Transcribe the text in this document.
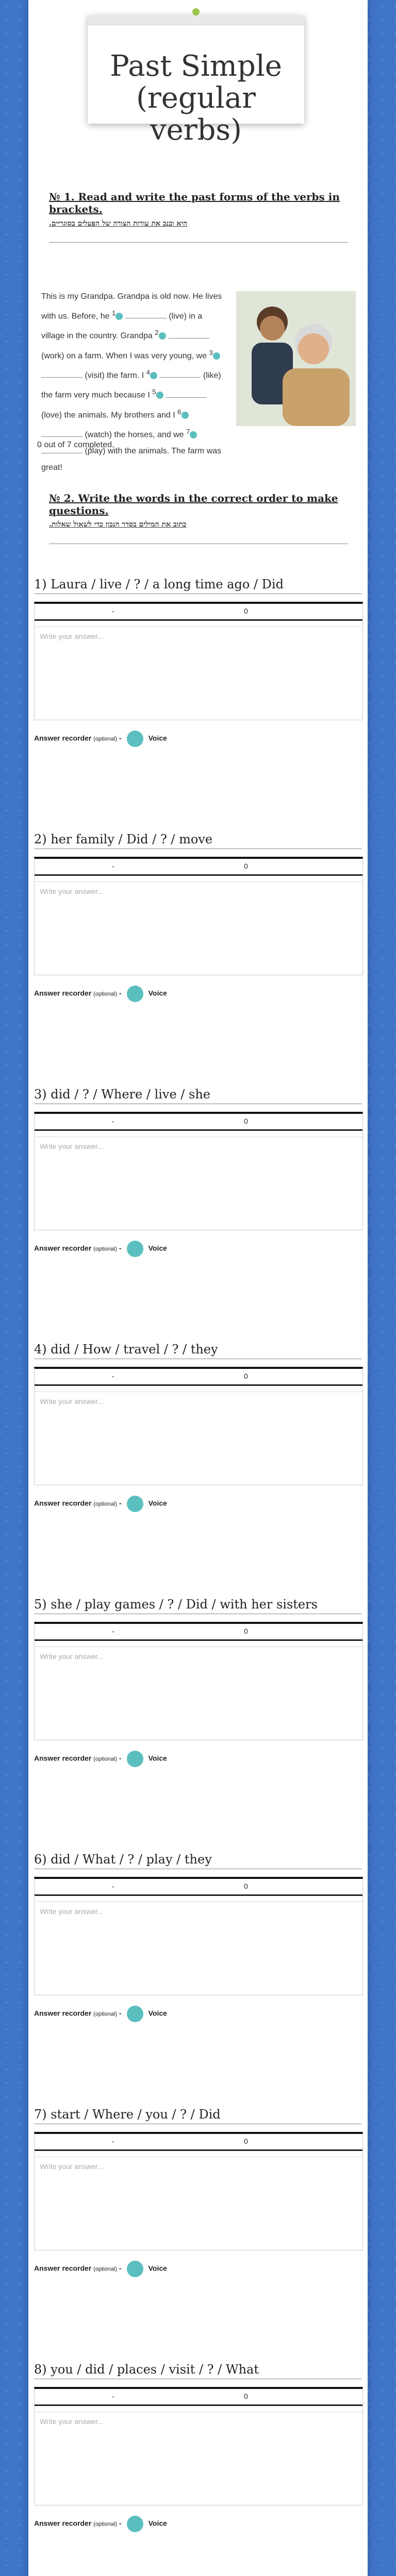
Past Simple (regular verbs)
№ 1. Read and write the past forms of the verbs in brackets.
היא ובנכ את עורות הצורה של הפעלים בסוגריים.
This is my Grandpa. Grandpa is old now. He lives with us. Before, he $^1$	(live) in a village in the country. Grandpa $^2$  (work) on a farm. When I was very young, we $^3$  (visit) the farm. I $^4$	(like) the farm very much because I $^5$  (love) the animals. My brothers and I $^6$  (watch) the horses, and we $^7$  (play) with the animals. The farm was great!
0 out of 7 completed.
№ 2. Write the words in the correct order to make questions.
כתוב את המילים בסדר הנכון כדי לשאול שאלות.
1) Laura / live / ? / a long time ago / Did
-	0
Write your answer...
Answer recorder (optional) -	Voice
2) her family / Did / ? / move
-	0
Write your answer...
Answer recorder (optional) -	Voice
3) did / ? / Where / live / she
-	0
Write your answer...
Answer recorder (optional) -	Voice
4) did / How / travel / ? / they
-	0
Write your answer...
Answer recorder (optional) -	Voice
5) she / play games / ? / Did / with her sisters
-	0
Write your answer...
Answer recorder (optional) -	Voice
6) did / What / ? / play / they
-	0
Write your answer...
Answer recorder (optional) -	Voice
7) start / Where / you / ? / Did
-	0
Write your answer...
Answer recorder (optional) -	Voice
8) you / did / places / visit / ? / What
-	0
Write your answer...
Answer recorder (optional) -	Voice
